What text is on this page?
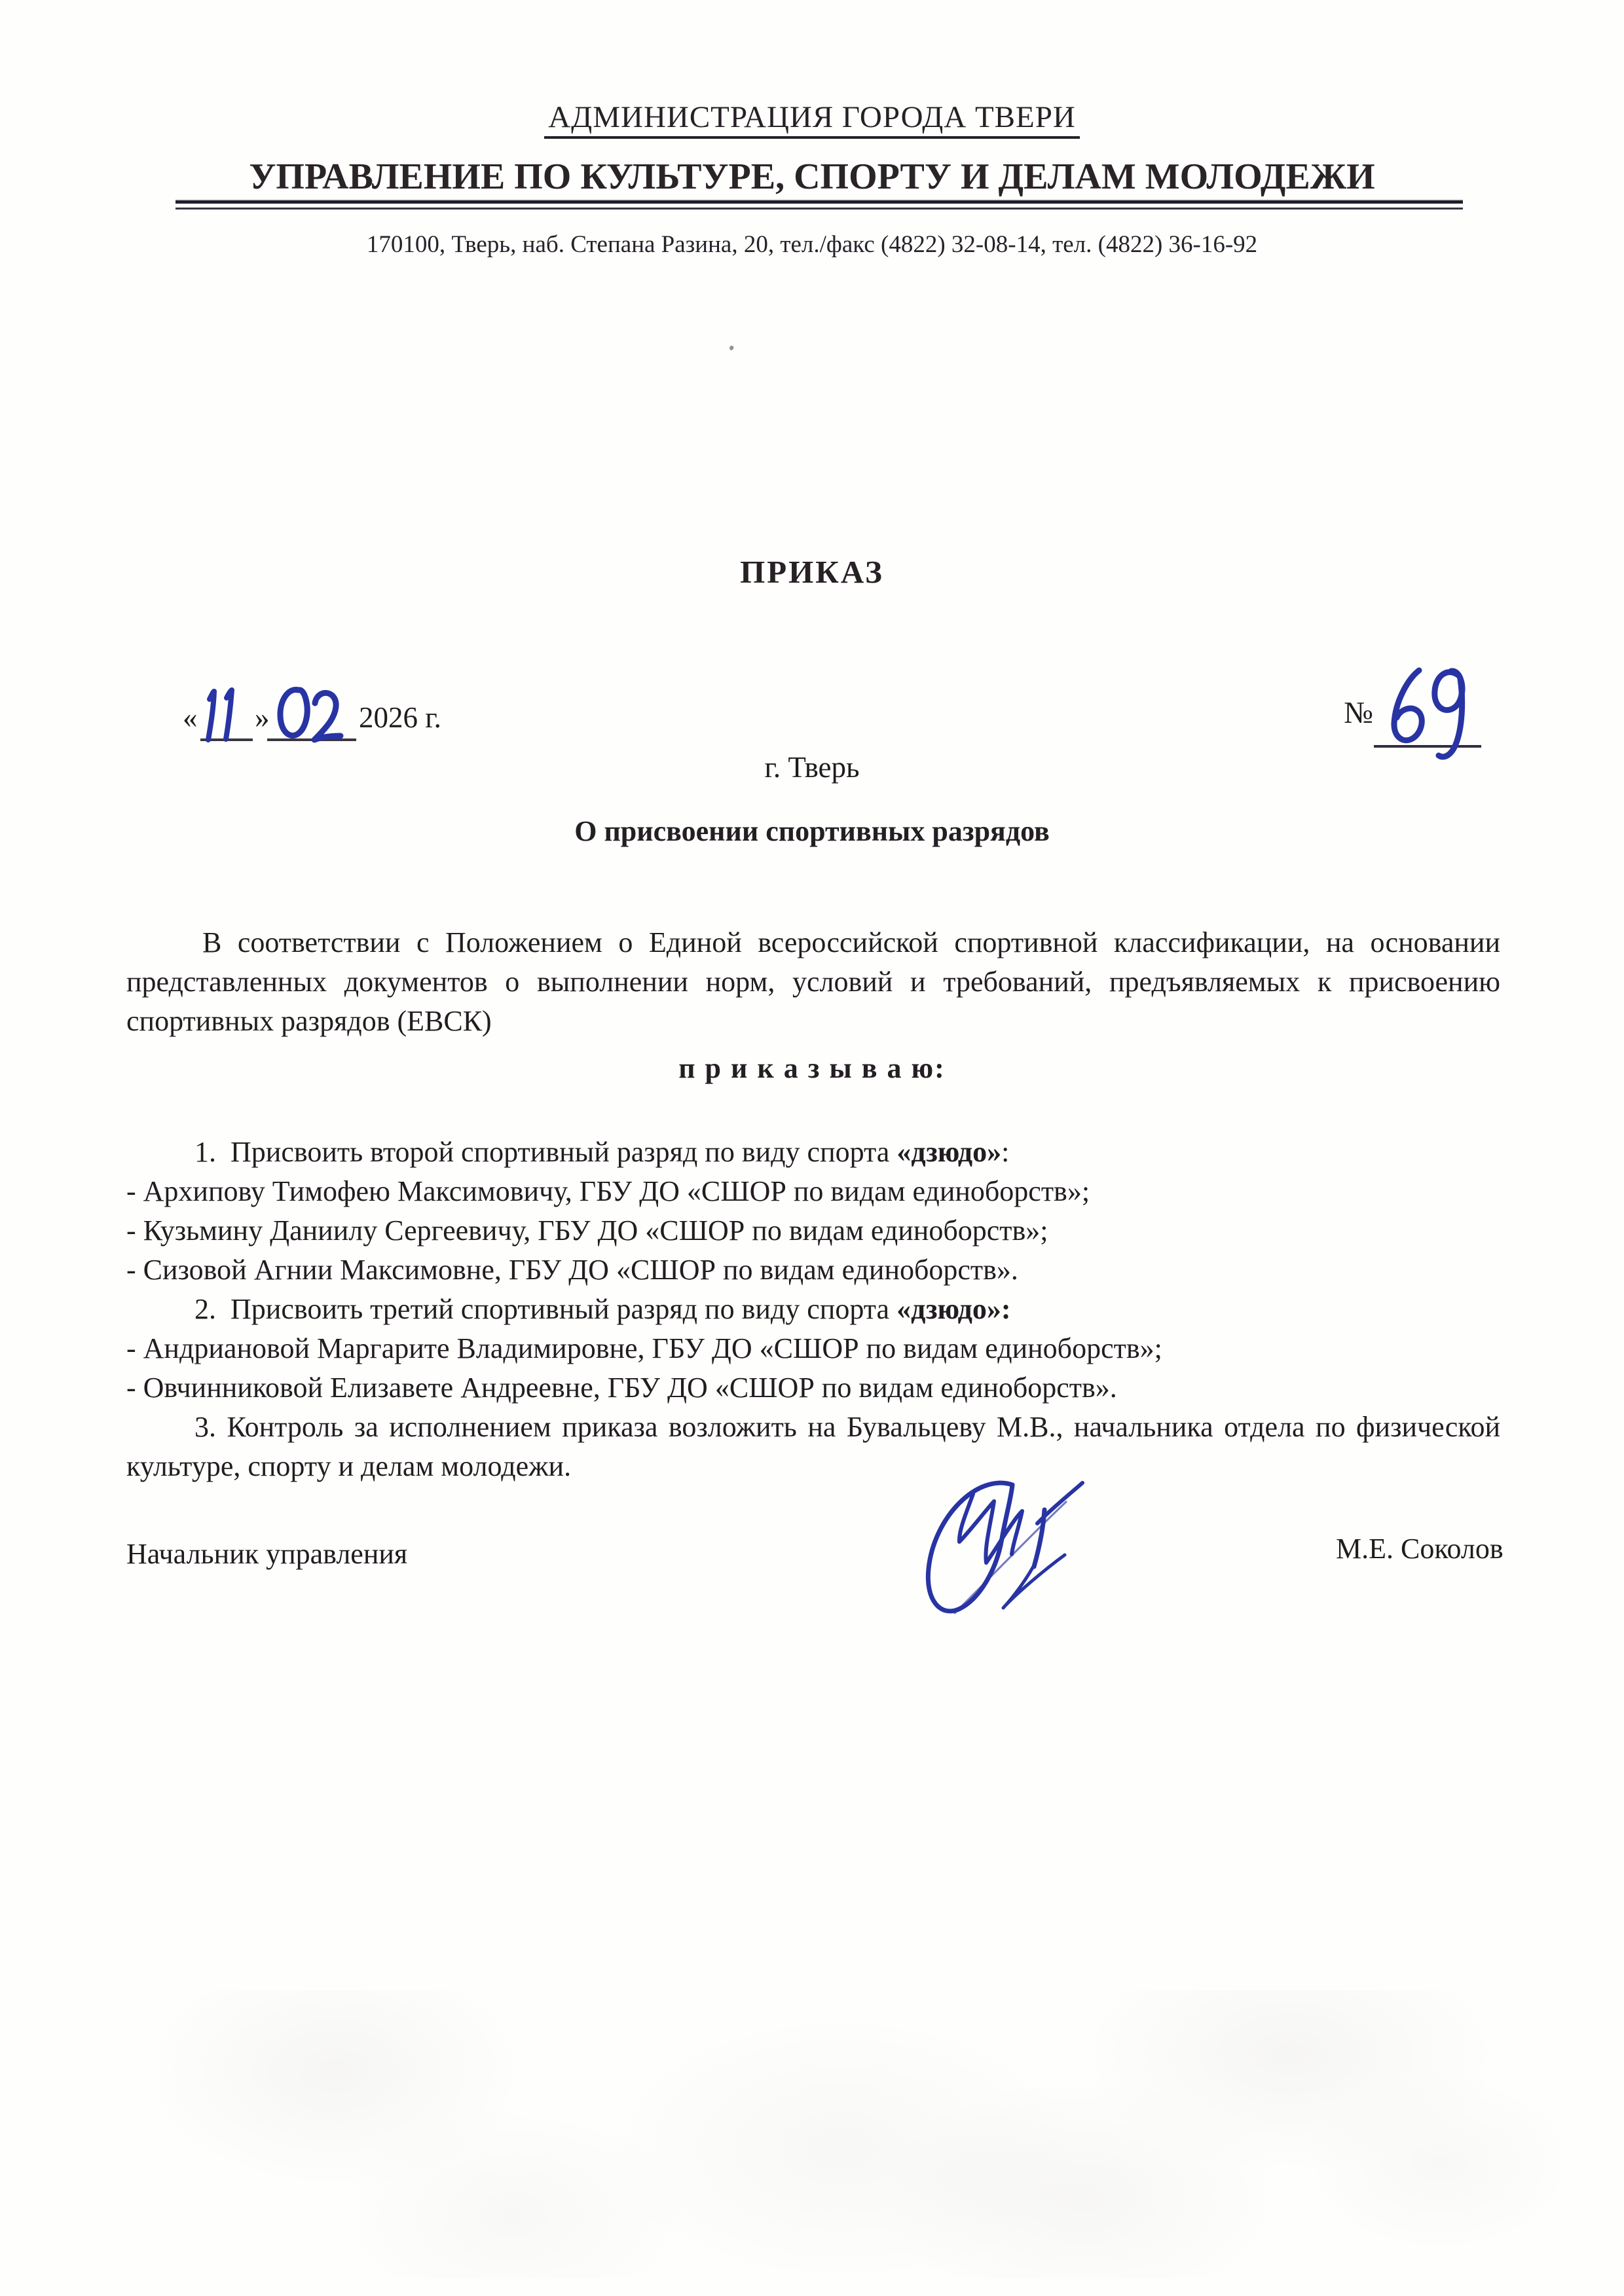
АДМИНИСТРАЦИЯ ГОРОДА ТВЕРИ
УПРАВЛЕНИЕ ПО КУЛЬТУРЕ, СПОРТУ И ДЕЛАМ МОЛОДЕЖИ
170100, Тверь, наб. Степана Разина, 20, тел./факс (4822) 32-08-14, тел. (4822) 36-16-92
ПРИКАЗ
« »	2026 г.	№
г. Тверь
О присвоении спортивных разрядов

В соответствии с Положением о Единой всероссийской спортивной классификации, на основании представленных документов о выполнении норм, условий и требований, предъявляемых к присвоению спортивных разрядов (ЕВСК)

п р и к а з ы в а ю:

1.  Присвоить второй спортивный разряд по виду спорта «дзюдо»:

- Архипову Тимофею Максимовичу, ГБУ ДО «СШОР по видам единоборств»;

- Кузьмину Даниилу Сергеевичу, ГБУ ДО «СШОР по видам единоборств»;

- Сизовой Агнии Максимовне, ГБУ ДО «СШОР по видам единоборств».

2.  Присвоить третий спортивный разряд по виду спорта «дзюдо»:

- Андриановой Маргарите Владимировне, ГБУ ДО «СШОР по видам единоборств»;

- Овчинниковой Елизавете Андреевне, ГБУ ДО «СШОР по видам единоборств».

3. Контроль за исполнением приказа возложить на Бувальцеву М.В., начальника отдела по физической культуре, спорту и делам молодежи.

Начальник управления	М.Е. Соколов
